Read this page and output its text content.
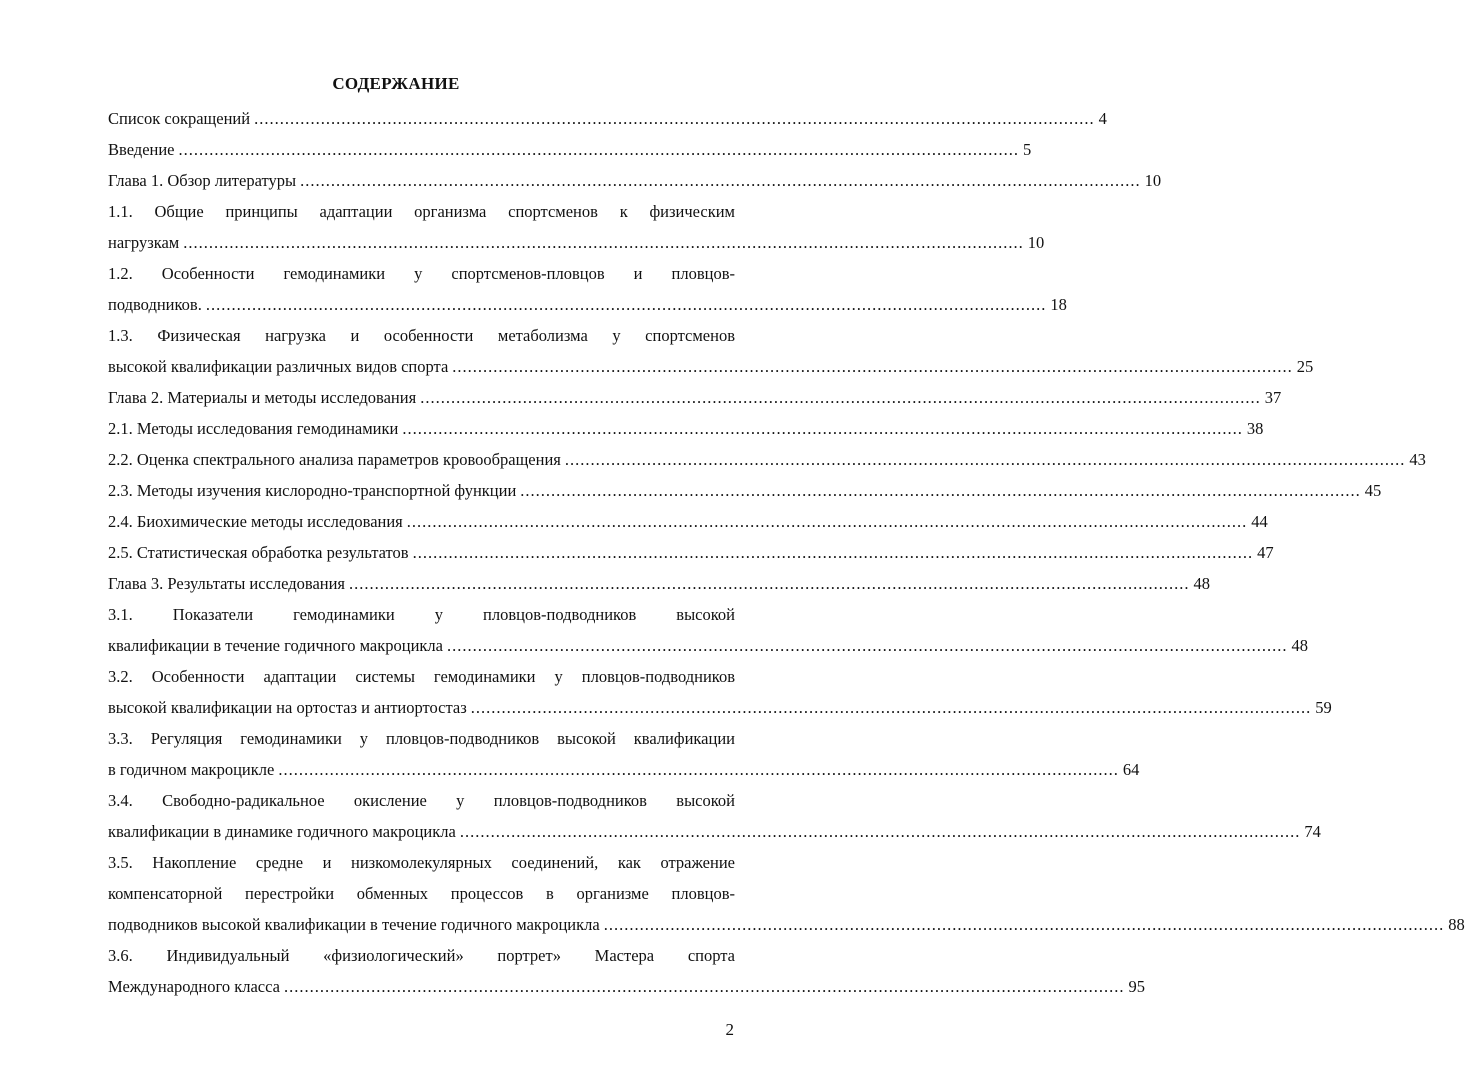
СОДЕРЖАНИЕ
Список сокращений .................................................................................................................................................................... 4
Введение .................................................................................................................................................................... 5
Глава 1. Обзор литературы .................................................................................................................................................................... 10
1.1. Общие принципы адаптации организма спортсменов к физическим
нагрузкам .................................................................................................................................................................... 10
1.2. Особенности гемодинамики у спортсменов-пловцов и пловцов-
подводников. .................................................................................................................................................................... 18
1.3. Физическая нагрузка и особенности метаболизма у спортсменов
высокой квалификации различных видов спорта .................................................................................................................................................................... 25
Глава 2. Материалы и методы исследования .................................................................................................................................................................... 37
2.1. Методы исследования гемодинамики .................................................................................................................................................................... 38
2.2. Оценка спектрального анализа параметров кровообращения .................................................................................................................................................................... 43
2.3. Методы изучения кислородно-транспортной функции .................................................................................................................................................................... 45
2.4. Биохимические методы исследования .................................................................................................................................................................... 44
2.5. Статистическая обработка результатов .................................................................................................................................................................... 47
Глава 3. Результаты исследования .................................................................................................................................................................... 48
3.1. Показатели гемодинамики у пловцов-подводников высокой
квалификации в течение годичного макроцикла .................................................................................................................................................................... 48
3.2. Особенности адаптации системы гемодинамики у пловцов-подводников
высокой квалификации на ортостаз и антиортостаз .................................................................................................................................................................... 59
3.3. Регуляция гемодинамики у пловцов-подводников высокой квалификации
в годичном макроцикле .................................................................................................................................................................... 64
3.4. Свободно-радикальное окисление у пловцов-подводников высокой
квалификации в динамике годичного макроцикла .................................................................................................................................................................... 74
3.5. Накопление средне и низкомолекулярных соединений, как отражение
компенсаторной перестройки обменных процессов в организме пловцов-
подводников высокой квалификации в течение годичного макроцикла .................................................................................................................................................................... 88
3.6. Индивидуальный «физиологический» портрет» Мастера спорта
Международного класса .................................................................................................................................................................... 95
2
